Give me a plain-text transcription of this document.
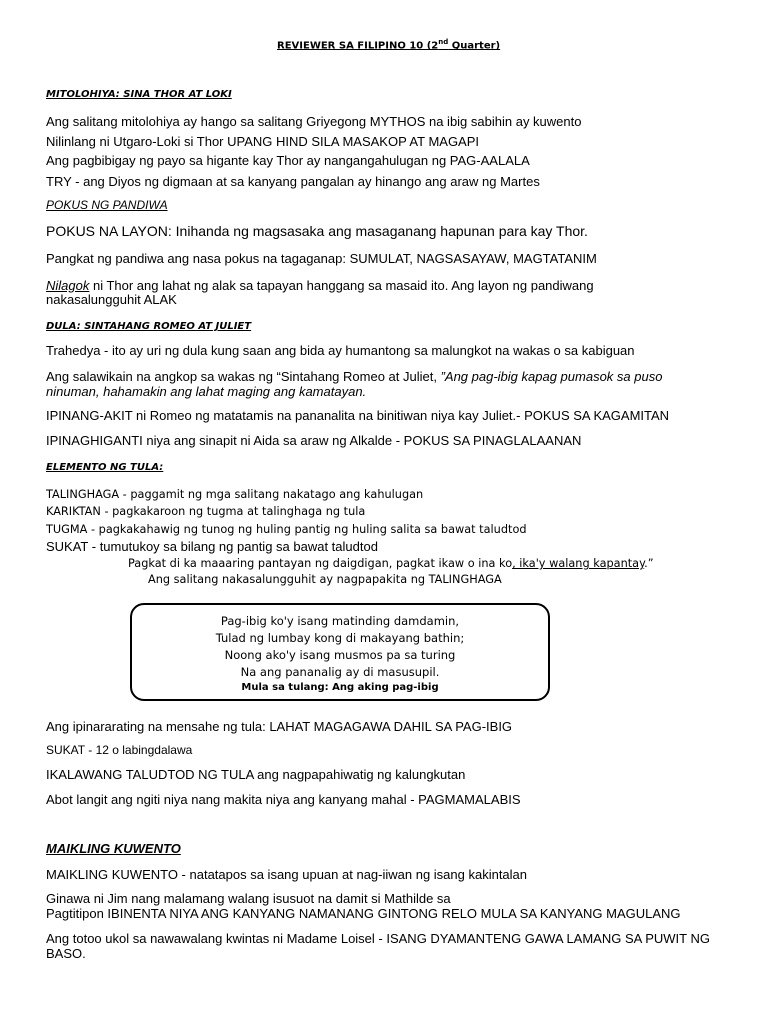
REVIEWER SA FILIPINO 10 (2nd Quarter)
MITOLOHIYA: SINA THOR AT LOKI
Ang salitang mitolohiya ay hango sa salitang Griyegong MYTHOS na ibig sabihin ay kuwento
Nilinlang ni Utgaro-Loki si Thor UPANG HIND SILA MASAKOP AT MAGAPI
Ang pagbibigay ng payo sa higante kay Thor ay nangangahulugan ng PAG-AALALA
TRY - ang Diyos ng digmaan at sa kanyang pangalan ay hinango ang araw ng Martes
POKUS NG PANDIWA
POKUS NA LAYON: Inihanda ng magsasaka ang masaganang hapunan para kay Thor.
Pangkat ng pandiwa ang nasa pokus na tagaganap: SUMULAT, NAGSASAYAW, MAGTATANIM
Nilagok ni Thor ang lahat ng alak sa tapayan hanggang sa masaid ito. Ang layon ng pandiwang
nakasalungguhit ALAK
DULA: SINTAHANG ROMEO AT JULIET
Trahedya - ito ay uri ng dula kung saan ang bida ay humantong sa malungkot na wakas o sa kabiguan
Ang salawikain na angkop sa wakas ng “Sintahang Romeo at Juliet, ”Ang pag-ibig kapag pumasok sa puso
ninuman, hahamakin ang lahat maging ang kamatayan.
IPINANG-AKIT ni Romeo ng matatamis na pananalita na binitiwan niya kay Juliet.- POKUS SA KAGAMITAN
IPINAGHIGANTI niya ang sinapit ni Aida sa araw ng Alkalde - POKUS SA PINAGLALAANAN
ELEMENTO NG TULA:
TALINGHAGA - paggamit ng mga salitang nakatago ang kahulugan
KARIKTAN - pagkakaroon ng tugma at talinghaga ng tula
TUGMA - pagkakahawig ng tunog ng huling pantig ng huling salita sa bawat taludtod
SUKAT - tumutukoy sa bilang ng pantig sa bawat taludtod
Pagkat di ka maaaring pantayan ng daigdigan, pagkat ikaw o ina ko, ika'y walang kapantay.”
Ang salitang nakasalungguhit ay nagpapakita ng TALINGHAGA
Pag-ibig ko'y isang matinding damdamin,
Tulad ng lumbay kong di makayang bathin;
Noong ako'y isang musmos pa sa turing
Na ang pananalig ay di masusupil.
Mula sa tulang: Ang aking pag-ibig
Ang ipinararating na mensahe ng tula: LAHAT MAGAGAWA DAHIL SA PAG-IBIG
SUKAT - 12 o labingdalawa
IKALAWANG TALUDTOD NG TULA ang nagpapahiwatig ng kalungkutan
Abot langit ang ngiti niya nang makita niya ang kanyang mahal - PAGMAMALABIS
MAIKLING KUWENTO
MAIKLING KUWENTO - natatapos sa isang upuan at nag-iiwan ng isang kakintalan
Ginawa ni Jim nang malamang walang isusuot na damit si Mathilde sa
Pagtitipon IBINENTA NIYA ANG KANYANG NAMANANG GINTONG RELO MULA SA KANYANG MAGULANG
Ang totoo ukol sa nawawalang kwintas ni Madame Loisel - ISANG DYAMANTENG GAWA LAMANG SA PUWIT NG
BASO.
